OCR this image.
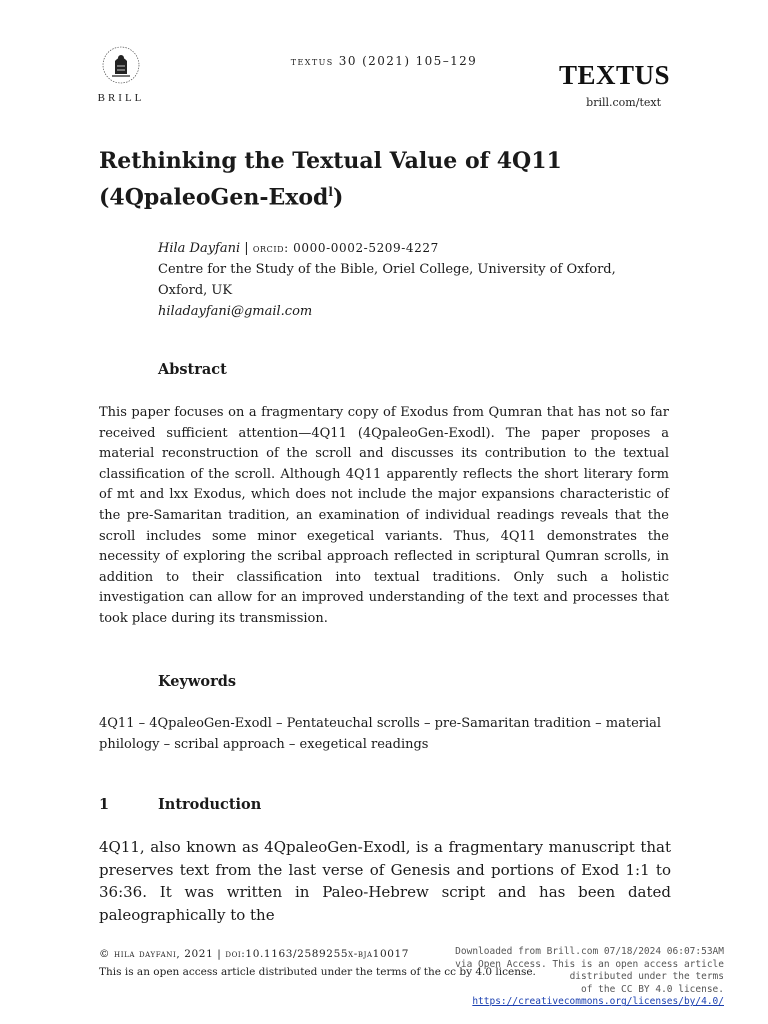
BRILL
textus 30 (2021) 105–129	TEXTUS
brill.com/text
Rethinking the Textual Value of 4Q11
(4QpaleoGen-Exod$^l$)
Hila Dayfani | orcid: 0000-0002-5209-4227
Centre for the Study of the Bible, Oriel College, University of Oxford,
Oxford, UK
hiladayfani@gmail.com
Abstract

This paper focuses on a fragmentary copy of Exodus from Qumran that has not so far received sufficient attention—4Q11 (4QpaleoGen-Exodl). The paper proposes a material reconstruction of the scroll and discusses its contribution to the textual classification of the scroll. Although 4Q11 apparently reflects the short literary form of mt and lxx Exodus, which does not include the major expansions characteristic of the pre-Samaritan tradition, an examination of individual readings reveals that the scroll includes some minor exegetical variants. Thus, 4Q11 demonstrates the necessity of exploring the scribal approach reflected in scriptural Qumran scrolls, in addition to their classification into textual traditions. Only such a holistic investigation can allow for an improved understanding of the text and processes that took place during its transmission.

Keywords
4Q11 – 4QpaleoGen-Exodl – Pentateuchal scrolls – pre-Samaritan tradition – material philology – scribal approach – exegetical readings
1	Introduction
4Q11, also known as 4QpaleoGen-Exodl, is a fragmentary manuscript that preserves text from the last verse of Genesis and portions of Exod 1:1 to 36:36. It was written in Paleo-Hebrew script and has been dated paleographically to the
© hila dayfani, 2021 | doi:10.1163/2589255x-bja10017
This is an open access article distributed under the terms of the cc by 4.0 license.
Downloaded from Brill.com 07/18/2024 06:07:53AM
via Open Access. This is an open access article distributed under the terms
of the CC BY 4.0 license.
https://creativecommons.org/licenses/by/4.0/
